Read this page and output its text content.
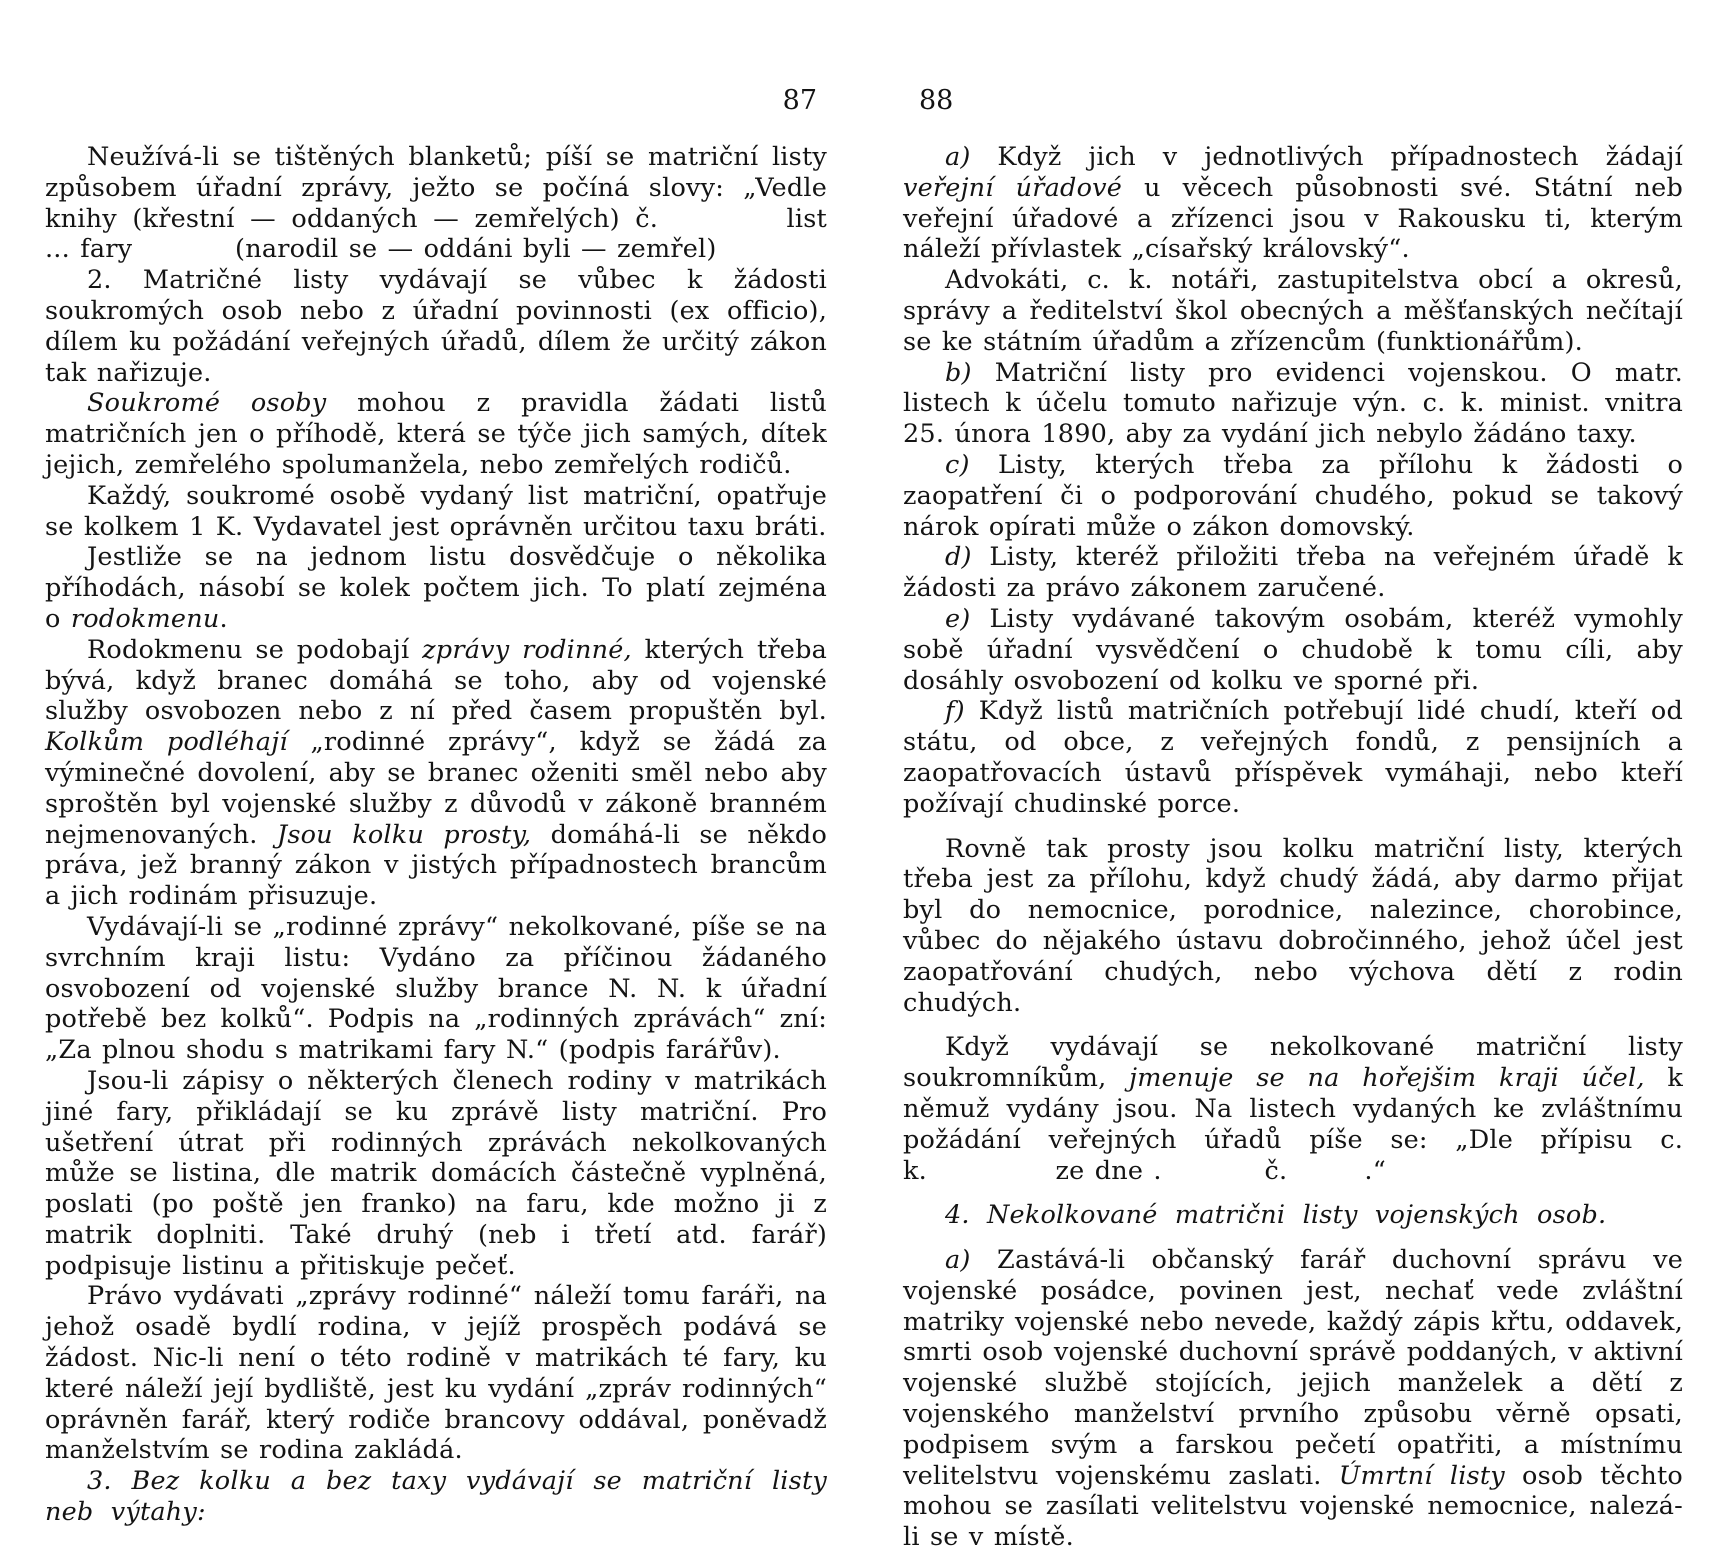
87

Neužívá-li se tištěných blanketů; píší se matriční listy způsobem úřadní zprávy, ježto se počíná slovy: „Vedle knihy (křestní — oddaných — zemřelých) č.     list ... fary    (narodil se — oddáni byli — zemřel)

2. Matričné listy vydávají se vůbec k žádosti soukromých osob nebo z úřadní povinnosti (ex officio), dílem ku požádání veřejných úřadů, dílem že určitý zákon tak nařizuje.

Soukromé osoby mohou z pravidla žádati listů matričních jen o příhodě, která se týče jich samých, dítek jejich, zemřelého spolumanžela, nebo zemřelých rodičů.

Každý, soukromé osobě vydaný list matriční, opatřuje se kolkem 1 K. Vydavatel jest oprávněn určitou taxu bráti.

Jestliže se na jednom listu dosvědčuje o několika příhodách, násobí se kolek počtem jich. To platí zejména o rodokmenu.

Rodokmenu se podobají zprávy rodinné, kterých třeba bývá, když branec domáhá se toho, aby od vojenské služby osvobozen nebo z ní před časem propuštěn byl. Kolkům podléhají „rodinné zprávy“, když se žádá za výminečné dovolení, aby se branec oženiti směl nebo aby sproštěn byl vojenské služby z důvodů v zákoně branném nejmenovaných. Jsou kolku prosty, domáhá-li se někdo práva, jež branný zákon v jistých případnostech brancům a jich rodinám přisuzuje.

Vydávají-li se „rodinné zprávy“ nekolkované, píše se na svrchním kraji listu: Vydáno za příčinou žádaného osvobození od vojenské služby brance N. N. k úřadní potřebě bez kolků“. Podpis na „rodinných zprávách“ zní: „Za plnou shodu s matrikami fary N.“ (podpis farářův).

Jsou-li zápisy o některých členech rodiny v matrikách jiné fary, přikládají se ku zprávě listy matriční. Pro ušetření útrat při rodinných zprávách nekolkovaných může se listina, dle matrik domácích částečně vyplněná, poslati (po poště jen franko) na faru, kde možno ji z matrik doplniti. Také druhý (neb i třetí atd. farář) podpisuje listinu a přitiskuje pečeť.

Právo vydávati „zprávy rodinné“ náleží tomu faráři, na jehož osadě bydlí rodina, v jejíž prospěch podává se žádost. Nic-li není o této rodině v matrikách té fary, ku které náleží její bydliště, jest ku vydání „zpráv rodinných“ oprávněn farář, který rodiče brancovy oddával, poněvadž manželstvím se rodina zakládá.

3. Bez kolku a bez taxy vydávají se matriční listy neb výtahy:

88

a) Když jich v jednotlivých případnostech žádají veřejní úřadové u věcech působnosti své. Státní neb veřejní úřadové a zřízenci jsou v Rakousku ti, kterým náleží přívlastek „císařský královský“.

Advokáti, c. k. notáři, zastupitelstva obcí a okresů, správy a ředitelství škol obecných a měšťanských nečítají se ke státním úřadům a zřízencům (funktionářům).

b) Matriční listy pro evidenci vojenskou. O matr. listech k účelu tomuto nařizuje výn. c. k. minist. vnitra 25. února 1890, aby za vydání jich nebylo žádáno taxy.

c) Listy, kterých třeba za přílohu k žádosti o zaopatření či o podporování chudého, pokud se takový nárok opírati může o zákon domovský.

d) Listy, kteréž přiložiti třeba na veřejném úřadě k žádosti za právo zákonem zaručené.

e) Listy vydávané takovým osobám, kteréž vymohly sobě úřadní vysvědčení o chudobě k tomu cíli, aby dosáhly osvobození od kolku ve sporné při.

f) Když listů matričních potřebují lidé chudí, kteří od státu, od obce, z veřejných fondů, z pensijních a zaopatřovacích ústavů příspěvek vymáhaji, nebo kteří požívají chudinské porce.

Rovně tak prosty jsou kolku matriční listy, kterých třeba jest za přílohu, když chudý žádá, aby darmo přijat byl do nemocnice, porodnice, nalezince, chorobince, vůbec do nějakého ústavu dobročinného, jehož účel jest zaopatřování chudých, nebo výchova dětí z rodin chudých.

Když vydávají se nekolkované matriční listy soukromníkům, jmenuje se na hořejšim kraji účel, k němuž vydány jsou. Na listech vydaných ke zvláštnímu požádání veřejných úřadů píše se: „Dle přípisu c. k.     ze dne .    č.   .“

4. Nekolkované matrični listy vojenských osob.

a) Zastává-li občanský farář duchovní správu ve vojenské posádce, povinen jest, nechať vede zvláštní matriky vojenské nebo nevede, každý zápis křtu, oddavek, smrti osob vojenské duchovní správě poddaných, v aktivní vojenské službě stojících, jejich manželek a dětí z vojenského manželství prvního způsobu věrně opsati, podpisem svým a farskou pečetí opatřiti, a místnímu velitelstvu vojenskému zaslati. Úmrtní listy osob těchto mohou se zasílati velitelstvu vojenské nemocnice, nalezá-li se v místě.
